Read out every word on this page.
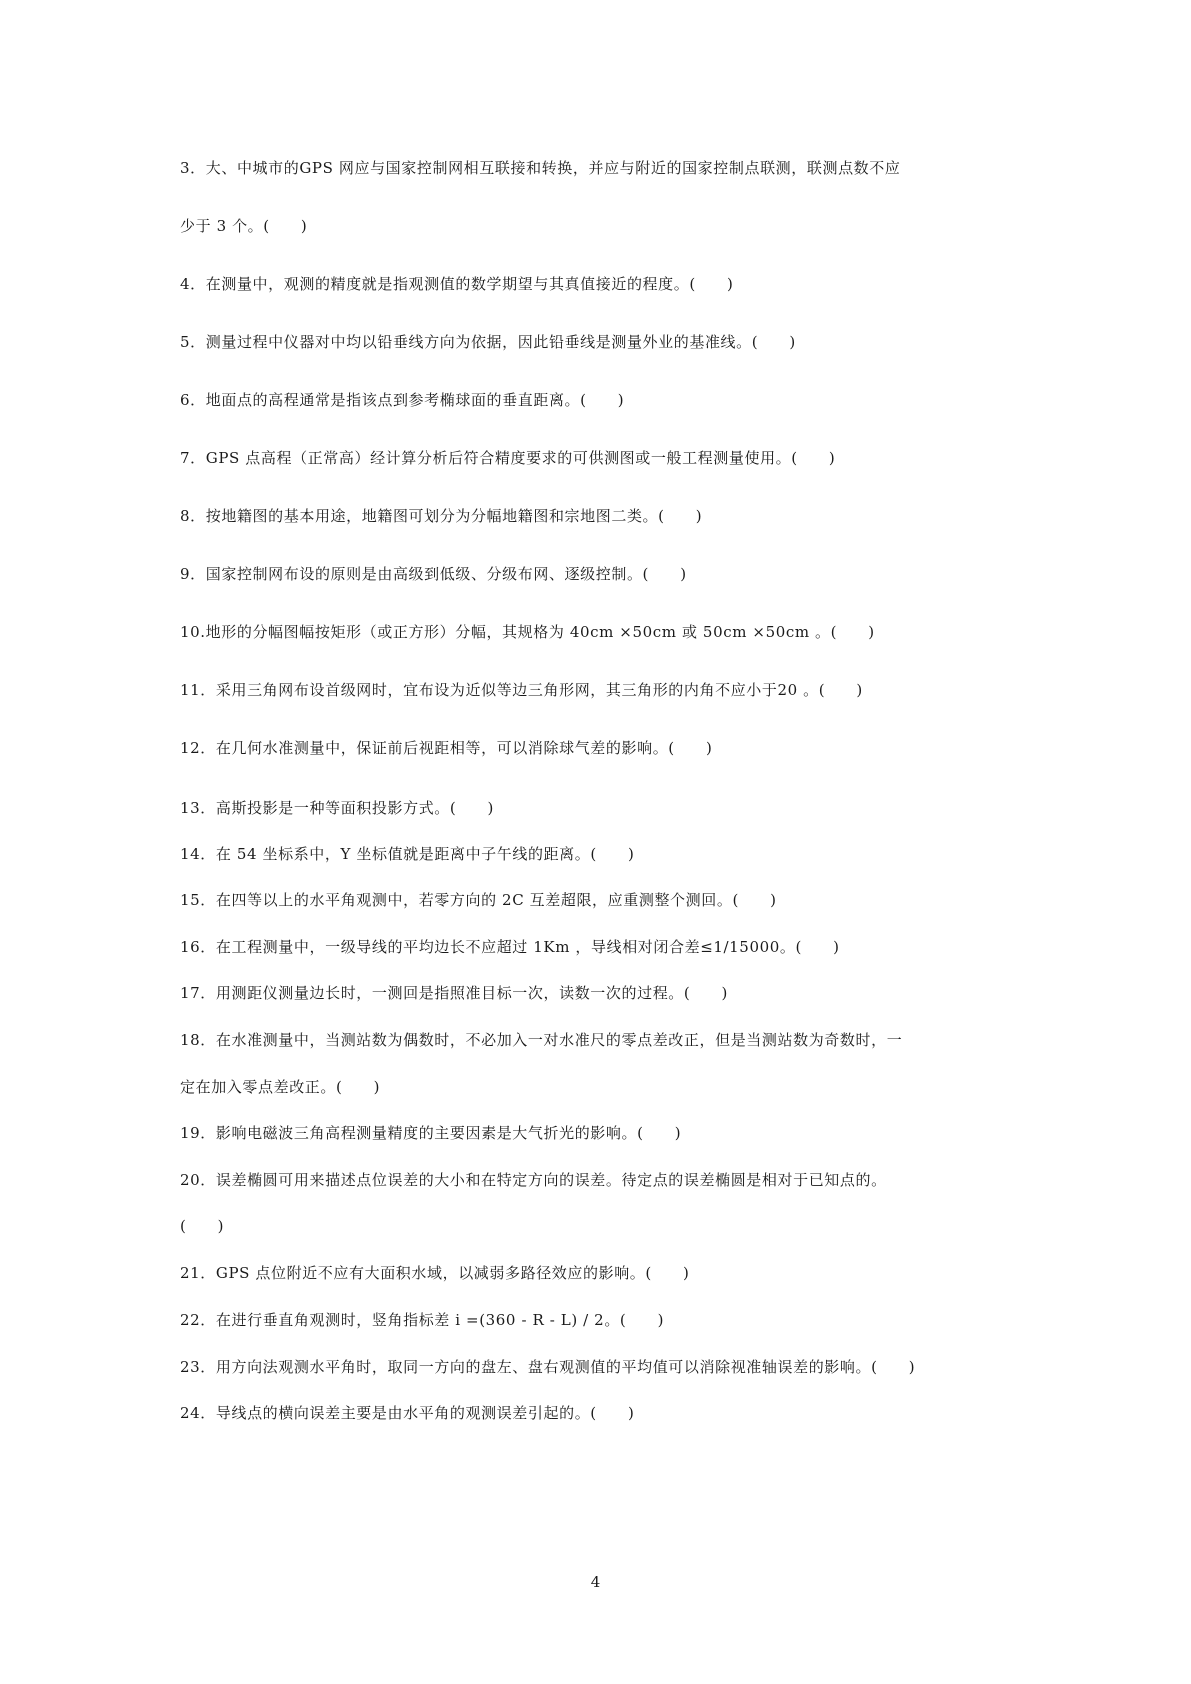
3．大、中城市的GPS 网应与国家控制网相互联接和转换，并应与附近的国家控制点联测，联测点数不应
少于 3 个。(　　)
4．在测量中，观测的精度就是指观测值的数学期望与其真值接近的程度。(　　)
5．测量过程中仪器对中均以铅垂线方向为依据，因此铅垂线是测量外业的基准线。(　　)
6．地面点的高程通常是指该点到参考椭球面的垂直距离。(　　)
7．GPS 点高程（正常高）经计算分析后符合精度要求的可供测图或一般工程测量使用。(　　)
8．按地籍图的基本用途，地籍图可划分为分幅地籍图和宗地图二类。(　　)
9．国家控制网布设的原则是由高级到低级、分级布网、逐级控制。(　　)
10.地形的分幅图幅按矩形（或正方形）分幅，其规格为 40cm ×50cm 或 50cm ×50cm 。(　　)
11．采用三角网布设首级网时，宜布设为近似等边三角形网，其三角形的内角不应小于20 。(　　)
12．在几何水准测量中，保证前后视距相等，可以消除球气差的影响。(　　)
13．高斯投影是一种等面积投影方式。(　　)
14．在 54 坐标系中，Y 坐标值就是距离中子午线的距离。(　　)
15．在四等以上的水平角观测中，若零方向的 2C 互差超限，应重测整个测回。(　　)
16．在工程测量中，一级导线的平均边长不应超过 1Km ，导线相对闭合差≤1/15000。(　　)
17．用测距仪测量边长时，一测回是指照准目标一次，读数一次的过程。(　　)
18．在水准测量中，当测站数为偶数时，不必加入一对水准尺的零点差改正，但是当测站数为奇数时，一
定在加入零点差改正。(　　)
19．影响电磁波三角高程测量精度的主要因素是大气折光的影响。(　　)
20．误差椭圆可用来描述点位误差的大小和在特定方向的误差。待定点的误差椭圆是相对于已知点的。
(　　)
21．GPS 点位附近不应有大面积水域，以减弱多路径效应的影响。(　　)
22．在进行垂直角观测时，竖角指标差 i =(360 - R - L) / 2。(　　)
23．用方向法观测水平角时，取同一方向的盘左、盘右观测值的平均值可以消除视准轴误差的影响。(　　)
24．导线点的横向误差主要是由水平角的观测误差引起的。(　　)
4
